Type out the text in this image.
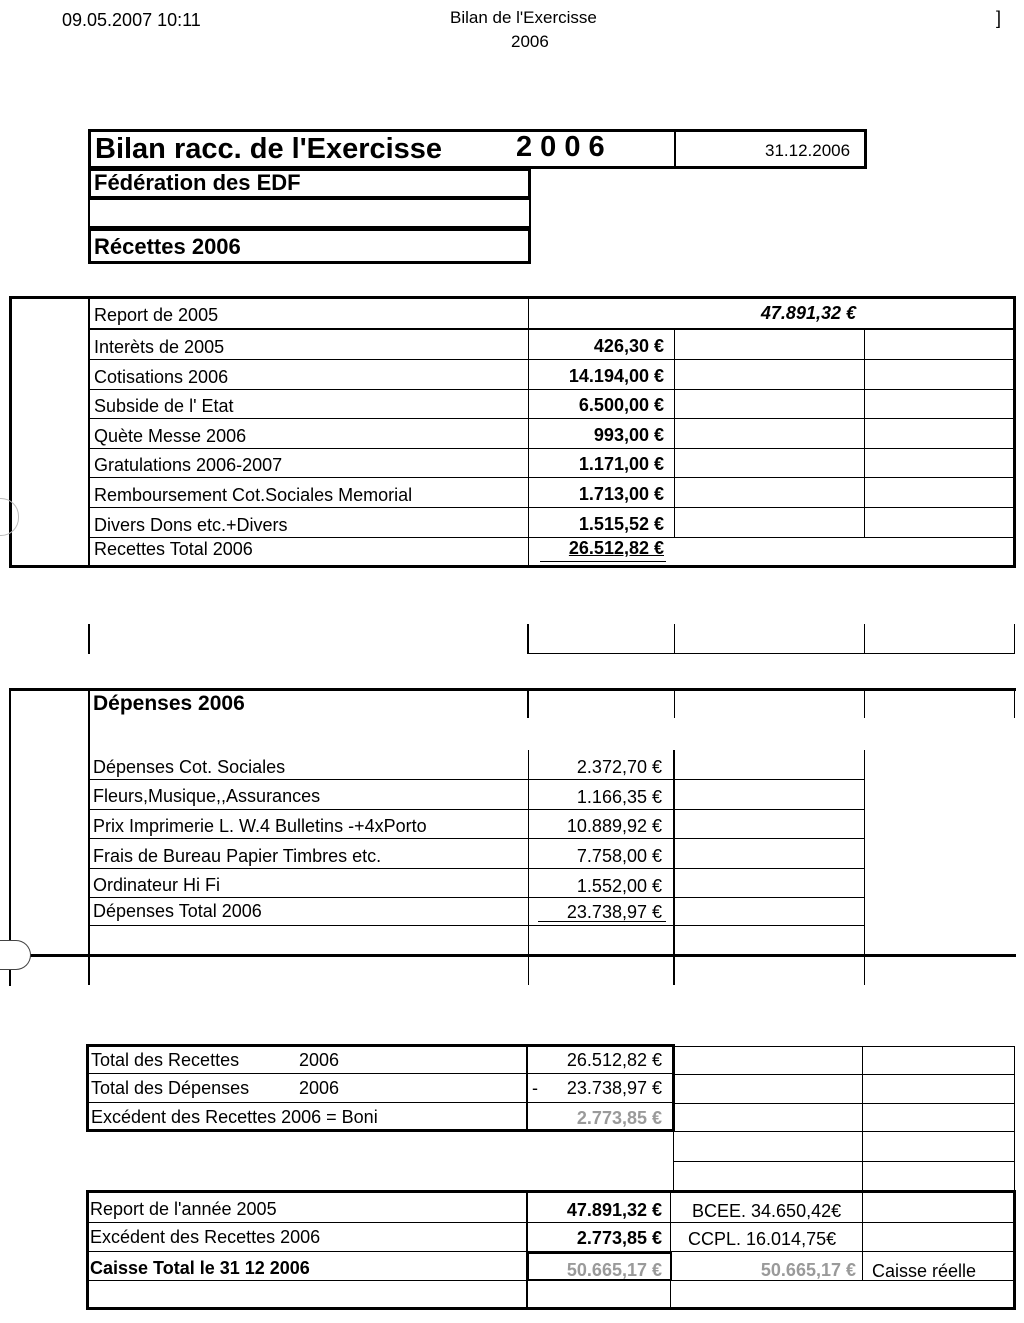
09.05.2007 10:11	Bilan de l'Exercisse
2006
]
Bilan racc. de l'Exercisse	2 0 0 6	31.12.2006
Fédération des EDF
Récettes 2006
Report de 2005	47.891,32 €
Interèts de 2005	426,30 €
Cotisations 2006	14.194,00 €
Subside de l' Etat	6.500,00 €
Quète Messe 2006	993,00 €
Gratulations 2006-2007	1.171,00 €
Remboursement Cot.Sociales Memorial	1.713,00 €
Divers Dons etc.+Divers	1.515,52 €
Recettes Total 2006	26.512,82 €
Dépenses 2006
Dépenses Cot. Sociales	2.372,70 €
Fleurs,Musique,,Assurances	1.166,35 €
Prix Imprimerie L. W.4 Bulletins -+4xPorto	10.889,92 €
Frais de Bureau Papier Timbres etc.	7.758,00 €
Ordinateur Hi Fi	1.552,00 €
Dépenses Total 2006	23.738,97 €
Total des Recettes	2006	26.512,82 €
Total des Dépenses	2006	-	23.738,97 €
Excédent des Recettes 2006 = Boni	2.773,85 €
Report de l'année 2005	47.891,32 € BCEE. 34.650,42€
Excédent des Recettes 2006	2.773,85 € CCPL. 16.014,75€
Caisse Total le 31 12 2006	50.665,17 €	50.665,17 € Caisse réelle
